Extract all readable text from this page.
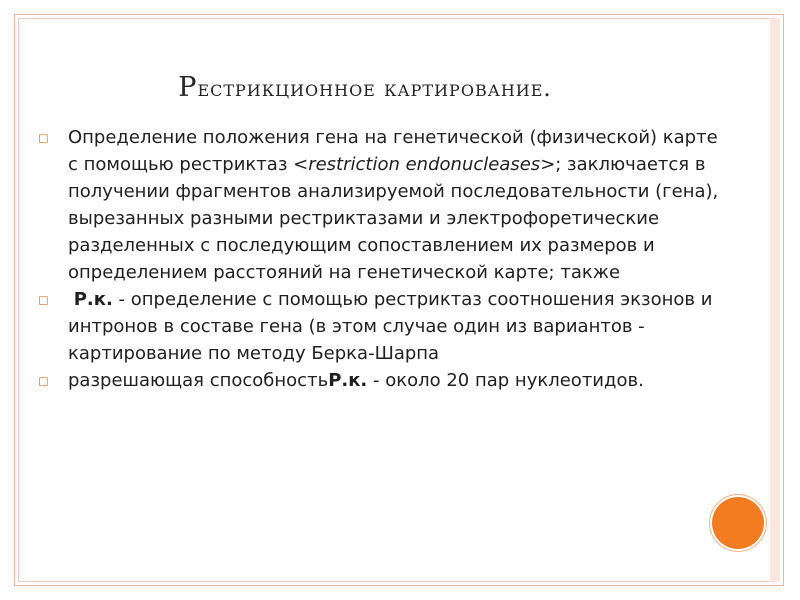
Рестрикционное картирование.
◻ Определение положения гена на генетической (физической) карте с помощью рестриктаз <restriction endonucleases>; заключается в получении фрагментов анализируемой последовательности (гена), вырезанных разными рестриктазами и электрофоретические разделенных с последующим сопоставлением их размеров и определением расстояний на генетической карте; также
◻	Р.к. - определение с помощью рестриктаз соотношения экзонов и интронов в составе гена (в этом случае один из вариантов - картирование по методу Берка-Шарпа
◻ разрешающая способностьР.к. - около 20 пар нуклеотидов.
